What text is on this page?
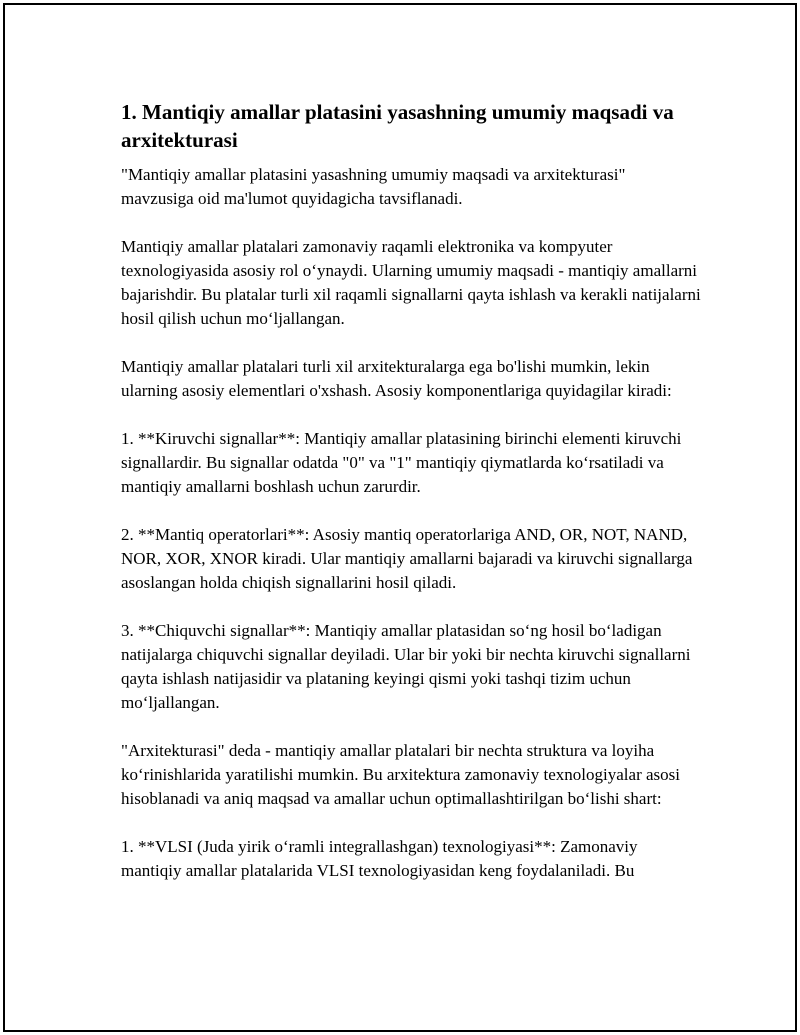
1. Mantiqiy amallar platasini yasashning umumiy maqsadi va arxitekturasi

"Mantiqiy amallar platasini yasashning umumiy maqsadi va arxitekturasi" mavzusiga oid ma'lumot quyidagicha tavsiflanadi.

Mantiqiy amallar platalari zamonaviy raqamli elektronika va kompyuter texnologiyasida asosiy rol oʻynaydi. Ularning umumiy maqsadi - mantiqiy amallarni bajarishdir. Bu platalar turli xil raqamli signallarni qayta ishlash va kerakli natijalarni hosil qilish uchun moʻljallangan.

Mantiqiy amallar platalari turli xil arxitekturalarga ega bo'lishi mumkin, lekin ularning asosiy elementlari o'xshash. Asosiy komponentlariga quyidagilar kiradi:

1. **Kiruvchi signallar**: Mantiqiy amallar platasining birinchi elementi kiruvchi signallardir. Bu signallar odatda "0" va "1" mantiqiy qiymatlarda koʻrsatiladi va mantiqiy amallarni boshlash uchun zarurdir.

2. **Mantiq operatorlari**: Asosiy mantiq operatorlariga AND, OR, NOT, NAND, NOR, XOR, XNOR kiradi. Ular mantiqiy amallarni bajaradi va kiruvchi signallarga asoslangan holda chiqish signallarini hosil qiladi.

3. **Chiquvchi signallar**: Mantiqiy amallar platasidan soʻng hosil boʻladigan natijalarga chiquvchi signallar deyiladi. Ular bir yoki bir nechta kiruvchi signallarni qayta ishlash natijasidir va plataning keyingi qismi yoki tashqi tizim uchun moʻljallangan.

"Arxitekturasi" deda - mantiqiy amallar platalari bir nechta struktura va loyiha koʻrinishlarida yaratilishi mumkin. Bu arxitektura zamonaviy texnologiyalar asosi hisoblanadi va aniq maqsad va amallar uchun optimallashtirilgan boʻlishi shart:

1. **VLSI (Juda yirik oʻramli integrallashgan) texnologiyasi**: Zamonaviy mantiqiy amallar platalarida VLSI texnologiyasidan keng foydalaniladi. Bu
